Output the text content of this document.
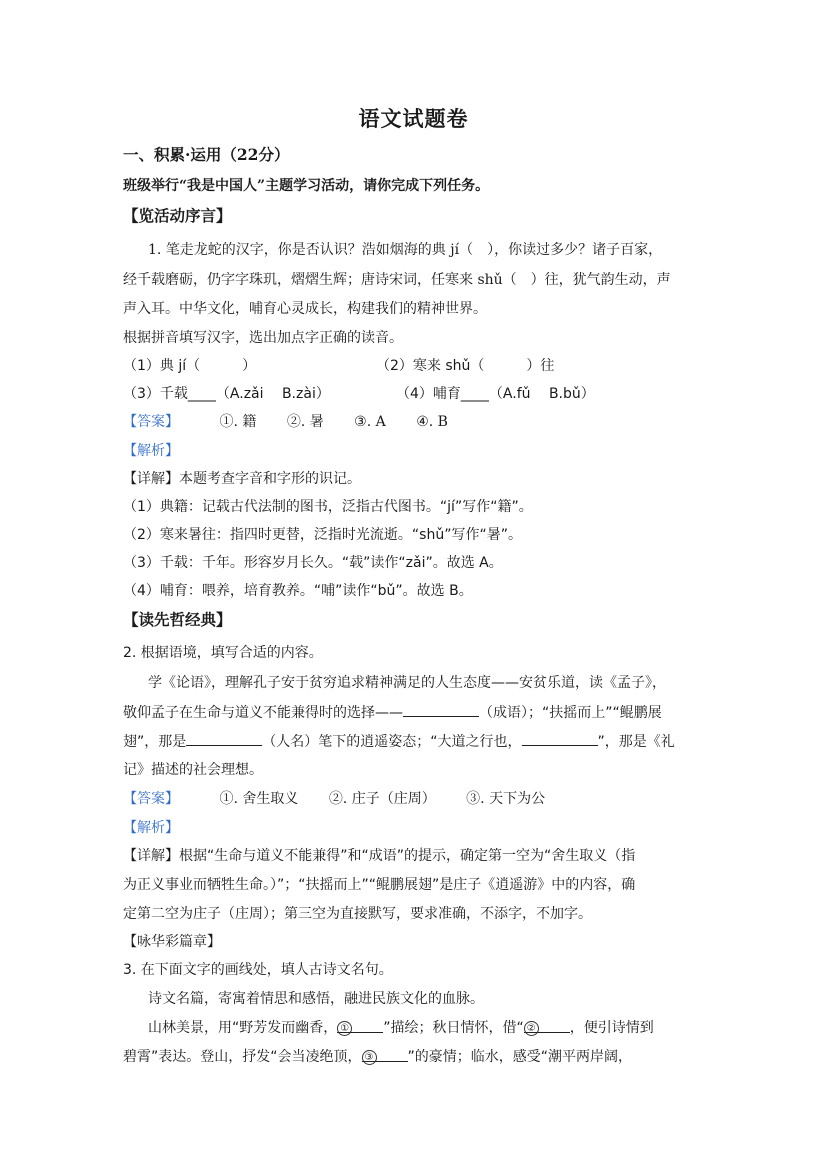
语文试题卷
一、积累·运用（22分）
班级举行“我是中国人”主题学习活动，请你完成下列任务。
【览活动序言】
1. 笔走龙蛇的汉字，你是否认识？浩如烟海的典 jí（　），你读过多少？诸子百家，
经千载磨砺，仍字字珠玑，熠熠生辉；唐诗宋词，任寒来 shǔ（　）往，犹气韵生动，声
声入耳。中华文化，哺育心灵成长，构建我们的精神世界。
根据拼音填写汉字，选出加点字正确的读音。
（1）典 jí（　　　）	（2）寒来 shǔ（　　　）往
（3）千载____（A.zǎi　 B.zài）	（4）哺育____（A.fǔ　 B.bǔ）
【答案】	①. 籍 ②. 暑 ③. A ④. B
【解析】
【详解】本题考查字音和字形的识记。
（1）典籍：记载古代法制的图书，泛指古代图书。“jí”写作“籍”。
（2）寒来暑往：指四时更替，泛指时光流逝。“shǔ”写作“暑”。
（3）千载：千年。形容岁月长久。“载”读作“zǎi”。故选 A。
（4）哺育：喂养，培育教养。“哺”读作“bǔ”。故选 B。
【读先哲经典】
2. 根据语境，填写合适的内容。
学《论语》，理解孔子安于贫穷追求精神满足的人生态度——安贫乐道，读《孟子》，
敬仰孟子在生命与道义不能兼得时的选择——	（成语）；“扶摇而上”“鲲鹏展
翅”，那是	（人名）笔下的逍遥姿态；“大道之行也，	”，那是《礼
记》描述的社会理想。
【答案】	①. 舍生取义 ②. 庄子（庄周） ③. 天下为公
【解析】
【详解】根据“生命与道义不能兼得”和“成语”的提示，确定第一空为“舍生取义（指
为正义事业而牺牲生命。）”；“扶摇而上”“鲲鹏展翅”是庄子《逍遥游》中的内容，确
定第二空为庄子（庄周）；第三空为直接默写，要求准确，不添字，不加字。
【咏华彩篇章】
3. 在下面文字的画线处，填人古诗文名句。
诗文名篇，寄寓着情思和感悟，融进民族文化的血脉。
山林美景，用“野芳发而幽香， ① ”描绘；秋日情怀，借“ ② ，便引诗情到
碧霄”表达。登山，抒发“会当凌绝顶， ③ ”的豪情；临水，感受“潮平两岸阔，
